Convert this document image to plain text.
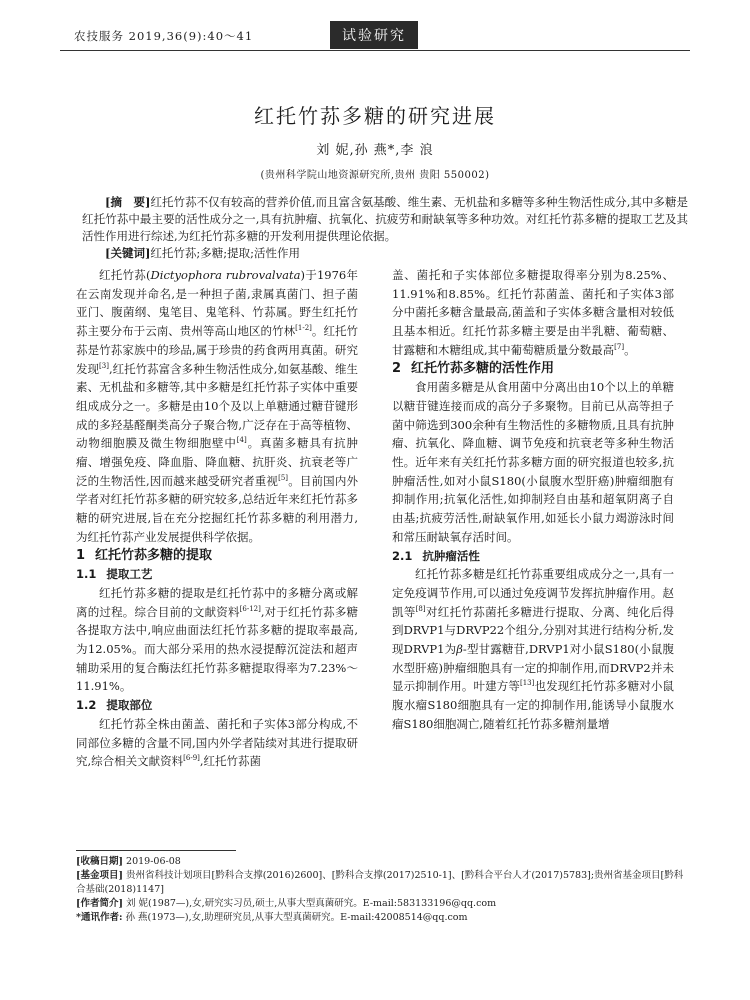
农技服务 2019,36(9):40～41	试验研究
红托竹荪多糖的研究进展
刘 妮,孙 燕*,李 浪
(贵州科学院山地资源研究所,贵州 贵阳 550002)

[摘　要]红托竹荪不仅有较高的营养价值,而且富含氨基酸、维生素、无机盐和多糖等多种生物活性成分,其中多糖是红托竹荪中最主要的活性成分之一,具有抗肿瘤、抗氧化、抗疲劳和耐缺氧等多种功效。对红托竹荪多糖的提取工艺及其活性作用进行综述,为红托竹荪多糖的开发利用提供理论依据。

[关键词]红托竹荪;多糖;提取;活性作用

红托竹荪(Dictyophora rubrovalvata)于1976年在云南发现并命名,是一种担子菌,隶属真菌门、担子菌亚门、腹菌纲、鬼笔目、鬼笔科、竹荪属。野生红托竹荪主要分布于云南、贵州等高山地区的竹林[1-2]。红托竹荪是竹荪家族中的珍品,属于珍贵的药食两用真菌。研究发现[3],红托竹荪富含多种生物活性成分,如氨基酸、维生素、无机盐和多糖等,其中多糖是红托竹荪子实体中重要组成成分之一。多糖是由10个及以上单糖通过糖苷键形成的多羟基醛酮类高分子聚合物,广泛存在于高等植物、动物细胞膜及微生物细胞壁中[4]。真菌多糖具有抗肿瘤、增强免疫、降血脂、降血糖、抗肝炎、抗衰老等广泛的生物活性,因而越来越受研究者重视[5]。目前国内外学者对红托竹荪多糖的研究较多,总结近年来红托竹荪多糖的研究进展,旨在充分挖掘红托竹荪多糖的利用潜力,为红托竹荪产业发展提供科学依据。

1 红托竹荪多糖的提取

1.1 提取工艺

红托竹荪多糖的提取是红托竹荪中的多糖分离或解离的过程。综合目前的文献资料[6-12],对于红托竹荪多糖各提取方法中,响应曲面法红托竹荪多糖的提取率最高,为12.05%。而大部分采用的热水浸提醇沉淀法和超声辅助采用的复合酶法红托竹荪多糖提取得率为7.23%～11.91%。

1.2 提取部位

红托竹荪全株由菌盖、菌托和子实体3部分构成,不同部位多糖的含量不同,国内外学者陆续对其进行提取研究,综合相关文献资料[6-9],红托竹荪菌

盖、菌托和子实体部位多糖提取得率分别为8.25%、11.91%和8.85%。红托竹荪菌盖、菌托和子实体3部分中菌托多糖含量最高,菌盖和子实体多糖含量相对较低且基本相近。红托竹荪多糖主要是由半乳糖、葡萄糖、甘露糖和木糖组成,其中葡萄糖质量分数最高[7]。

2 红托竹荪多糖的活性作用

食用菌多糖是从食用菌中分离出由10个以上的单糖以糖苷键连接而成的高分子多聚物。目前已从高等担子菌中筛选到300余种有生物活性的多糖物质,且具有抗肿瘤、抗氧化、降血糖、调节免疫和抗衰老等多种生物活性。近年来有关红托竹荪多糖方面的研究报道也较多,抗肿瘤活性,如对小鼠S180(小鼠腹水型肝癌)肿瘤细胞有抑制作用;抗氧化活性,如抑制羟自由基和超氧阴离子自由基;抗疲劳活性,耐缺氧作用,如延长小鼠力竭游泳时间和常压耐缺氧存活时间。

2.1 抗肿瘤活性

红托竹荪多糖是红托竹荪重要组成成分之一,具有一定免疫调节作用,可以通过免疫调节发挥抗肿瘤作用。赵凯等[8]对红托竹荪菌托多糖进行提取、分离、纯化后得到DRVP1与DRVP22个组分,分别对其进行结构分析,发现DRVP1为β-型甘露糖苷,DRVP1对小鼠S180(小鼠腹水型肝癌)肿瘤细胞具有一定的抑制作用,而DRVP2并未显示抑制作用。叶建方等[13]也发现红托竹荪多糖对小鼠腹水瘤S180细胞具有一定的抑制作用,能诱导小鼠腹水瘤S180细胞凋亡,随着红托竹荪多糖剂量增

[收稿日期] 2019-06-08

[基金项目] 贵州省科技计划项目[黔科合支撑(2016)2600]、[黔科合支撑(2017)2510-1]、[黔科合平台人才(2017)5783];贵州省基金项目[黔科合基础(2018)1147]

[作者简介] 刘 妮(1987—),女,研究实习员,硕士,从事大型真菌研究。E-mail:583133196@qq.com

*通讯作者: 孙 燕(1973—),女,助理研究员,从事大型真菌研究。E-mail:42008514@qq.com
